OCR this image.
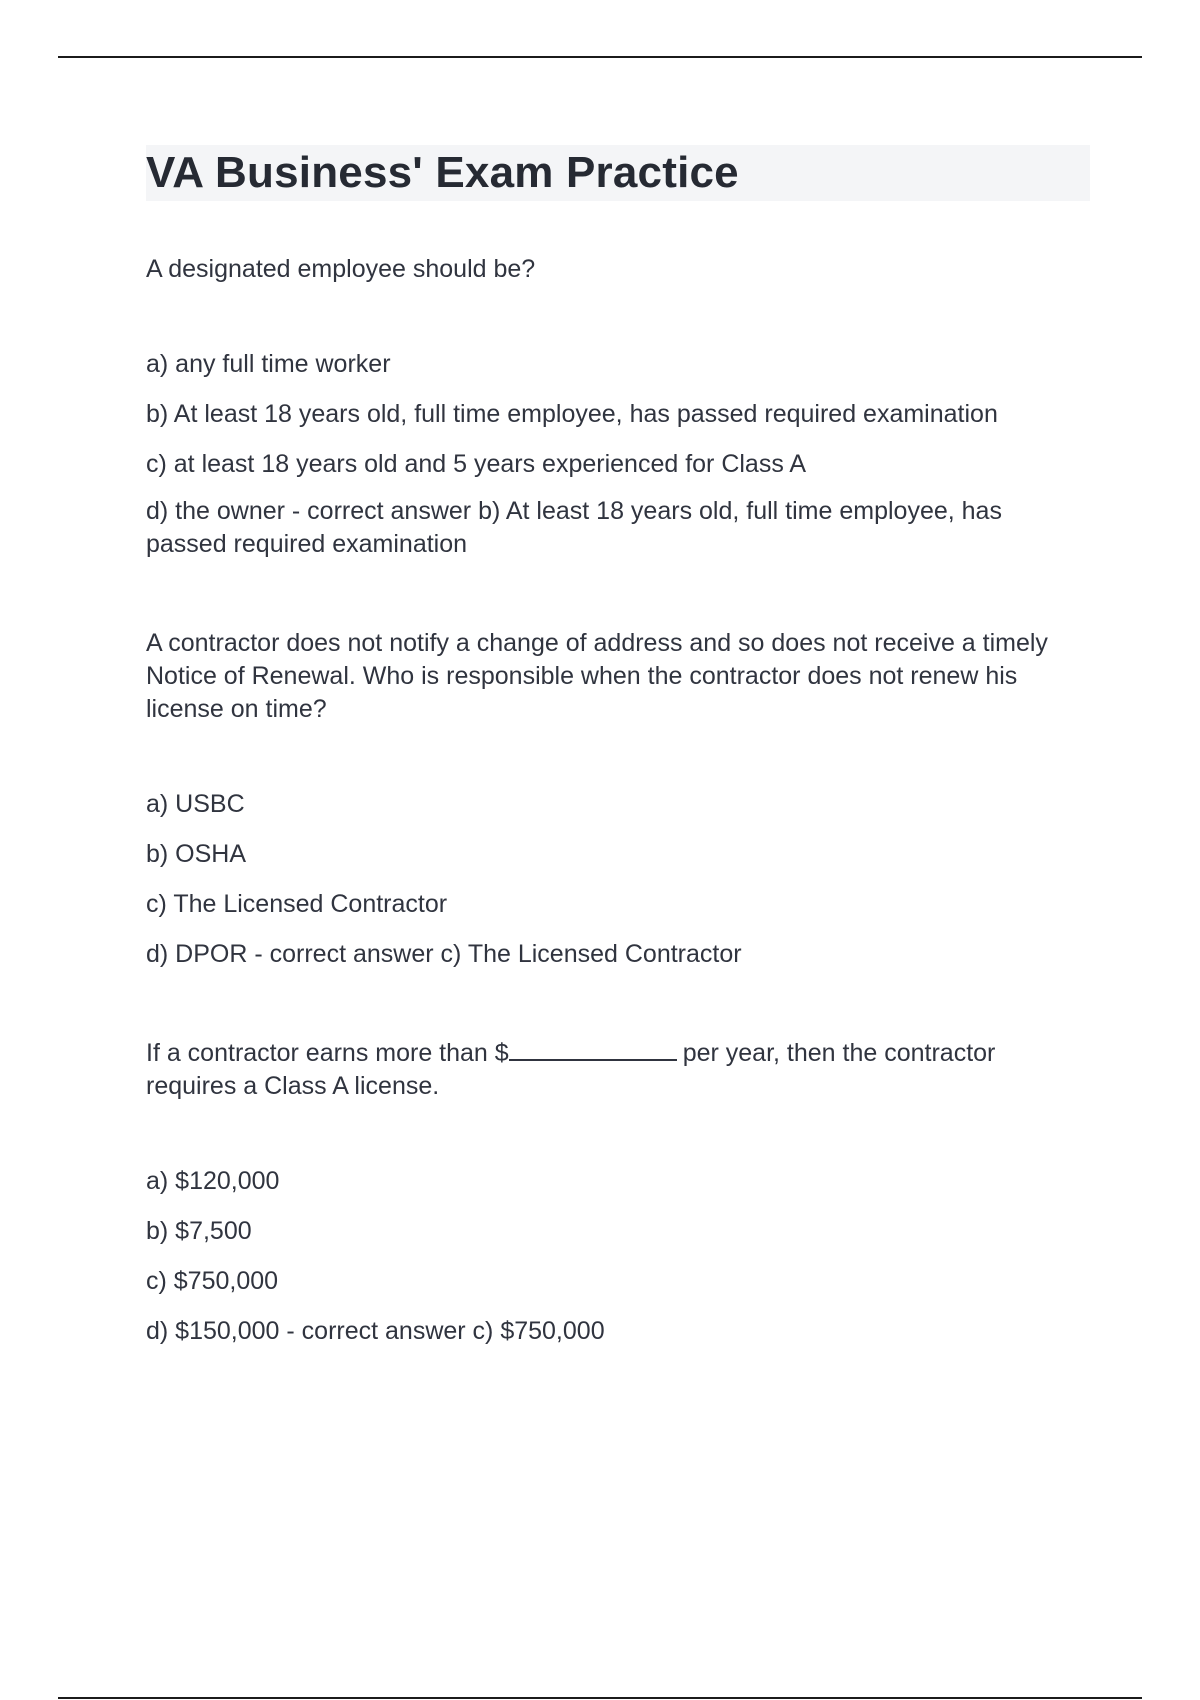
VA Business' Exam Practice

A designated employee should be?

a) any full time worker

b) At least 18 years old, full time employee, has passed required examination

c) at least 18 years old and 5 years experienced for Class A

d) the owner - correct answer b) At least 18 years old, full time employee, has passed required examination

A contractor does not notify a change of address and so does not receive a timely Notice of Renewal. Who is responsible when the contractor does not renew his license on time?

a) USBC

b) OSHA

c) The Licensed Contractor

d) DPOR - correct answer c) The Licensed Contractor

If a contractor earns more than $	per year, then the contractor requires a Class A license.

a) $120,000

b) $7,500

c) $750,000

d) $150,000 - correct answer c) $750,000
